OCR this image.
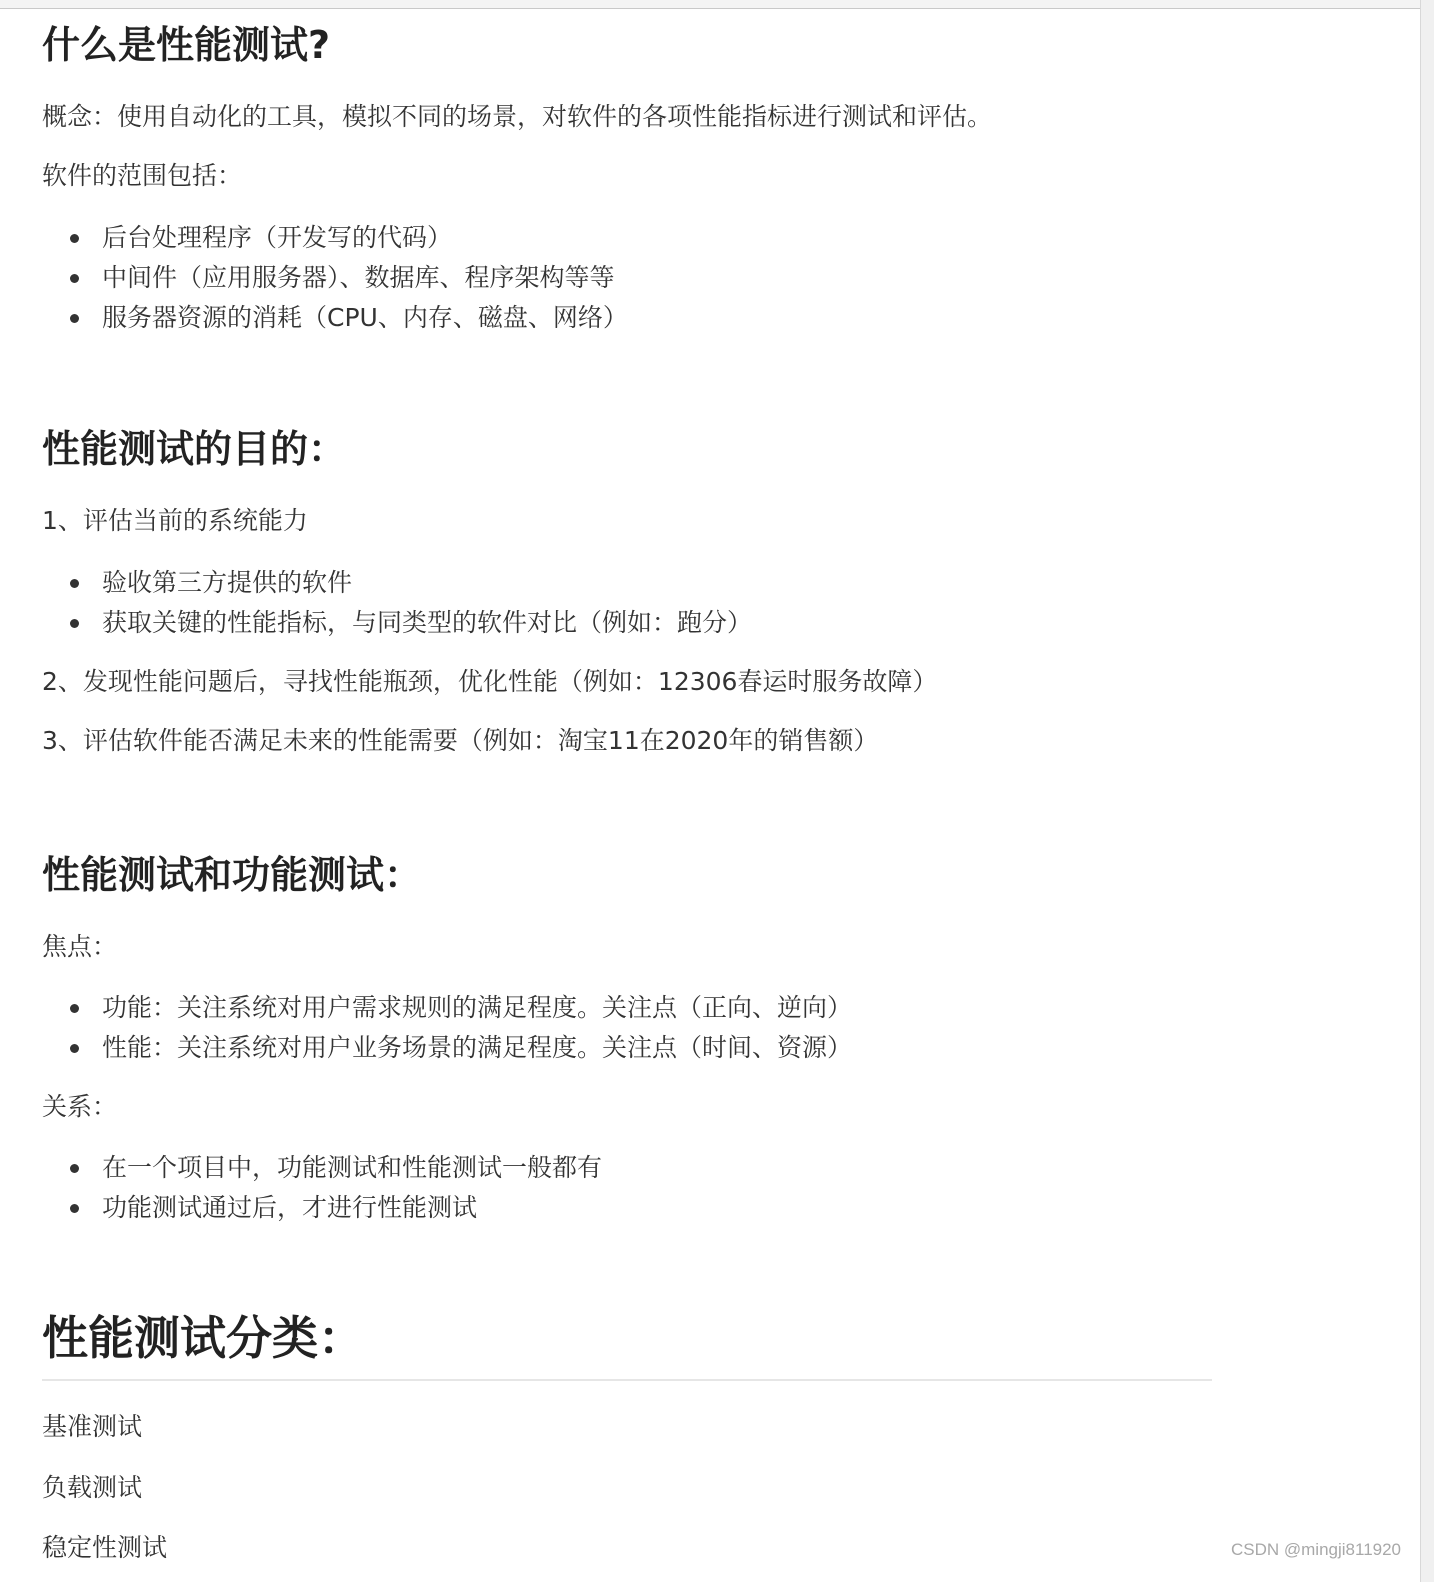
什么是性能测试?

概念：使用自动化的工具，模拟不同的场景，对软件的各项性能指标进行测试和评估。

软件的范围包括：

后台处理程序（开发写的代码）
中间件（应用服务器）、数据库、程序架构等等
服务器资源的消耗（CPU、内存、磁盘、网络）
性能测试的目的：

1、评估当前的系统能力

验收第三方提供的软件
获取关键的性能指标，与同类型的软件对比（例如：跑分）

2、发现性能问题后，寻找性能瓶颈，优化性能（例如：12306春运时服务故障）

3、评估软件能否满足未来的性能需要（例如：淘宝11在2020年的销售额）

性能测试和功能测试：

焦点：

功能：关注系统对用户需求规则的满足程度。关注点（正向、逆向）
性能：关注系统对用户业务场景的满足程度。关注点（时间、资源）

关系：

在一个项目中，功能测试和性能测试一般都有
功能测试通过后，才进行性能测试
性能测试分类：

基准测试

负载测试

稳定性测试	CSDN @mingji811920
